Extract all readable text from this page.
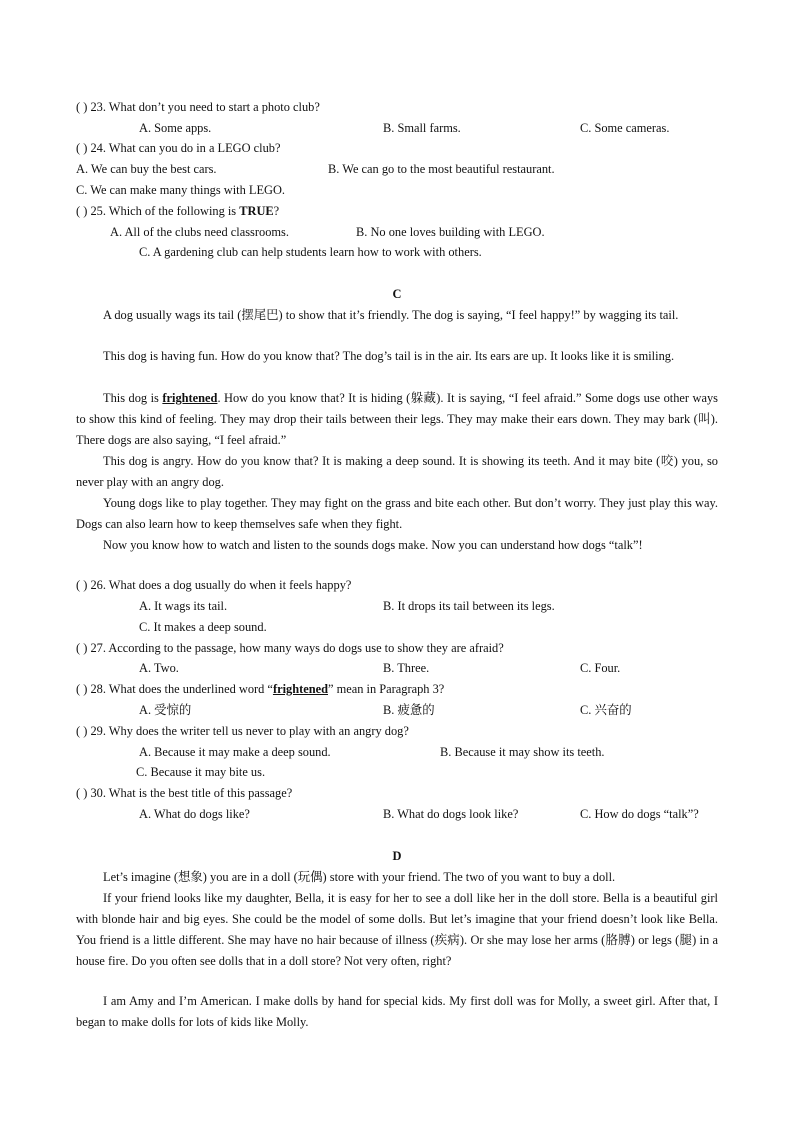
( ) 23. What don’t you need to start a photo club?
A. Some apps.	B. Small farms.	C. Some cameras.
( ) 24. What can you do in a LEGO club?
A. We can buy the best cars.	B. We can go to the most beautiful restaurant.
C. We can make many things with LEGO.
( ) 25. Which of the following is TRUE?
A. All of the clubs need classrooms.	B. No one loves building with LEGO.
C. A gardening club can help students learn how to work with others.
C
A dog usually wags its tail (摆尾巴) to show that it’s friendly. The dog is saying, “I feel happy!” by wagging its tail.
This dog is having fun. How do you know that? The dog’s tail is in the air. Its ears are up. It looks like it is smiling.
This dog is frightened. How do you know that? It is hiding (躲藏). It is saying, “I feel afraid.” Some dogs use other ways to show this kind of feeling. They may drop their tails between their legs. They may make their ears down. They may bark (叫). There dogs are also saying, “I feel afraid.”
This dog is angry. How do you know that? It is making a deep sound. It is showing its teeth. And it may bite (咬) you, so never play with an angry dog.
Young dogs like to play together. They may fight on the grass and bite each other. But don’t worry. They just play this way. Dogs can also learn how to keep themselves safe when they fight.
Now you know how to watch and listen to the sounds dogs make. Now you can understand how dogs “talk”!
( ) 26. What does a dog usually do when it feels happy?
A. It wags its tail.	B. It drops its tail between its legs.
C. It makes a deep sound.
( ) 27. According to the passage, how many ways do dogs use to show they are afraid?
A. Two.	B. Three.	C. Four.
( ) 28. What does the underlined word “frightened” mean in Paragraph 3?
A. 受惊的	B. 疲惫的	C. 兴奋的
( ) 29. Why does the writer tell us never to play with an angry dog?
A. Because it may make a deep sound.	B. Because it may show its teeth.
C. Because it may bite us.
( ) 30. What is the best title of this passage?
A. What do dogs like?	B. What do dogs look like?	C. How do dogs “talk”?
D
Let’s imagine (想象) you are in a doll (玩偶) store with your friend. The two of you want to buy a doll.
If your friend looks like my daughter, Bella, it is easy for her to see a doll like her in the doll store. Bella is a beautiful girl with blonde hair and big eyes. She could be the model of some dolls. But let’s imagine that your friend doesn’t look like Bella. You friend is a little different. She may have no hair because of illness (疾病). Or she may lose her arms (胳膊) or legs (腿) in a house fire. Do you often see dolls that in a doll store? Not very often, right?
I am Amy and I’m American. I make dolls by hand for special kids. My first doll was for Molly, a sweet girl. After that, I began to make dolls for lots of kids like Molly.
